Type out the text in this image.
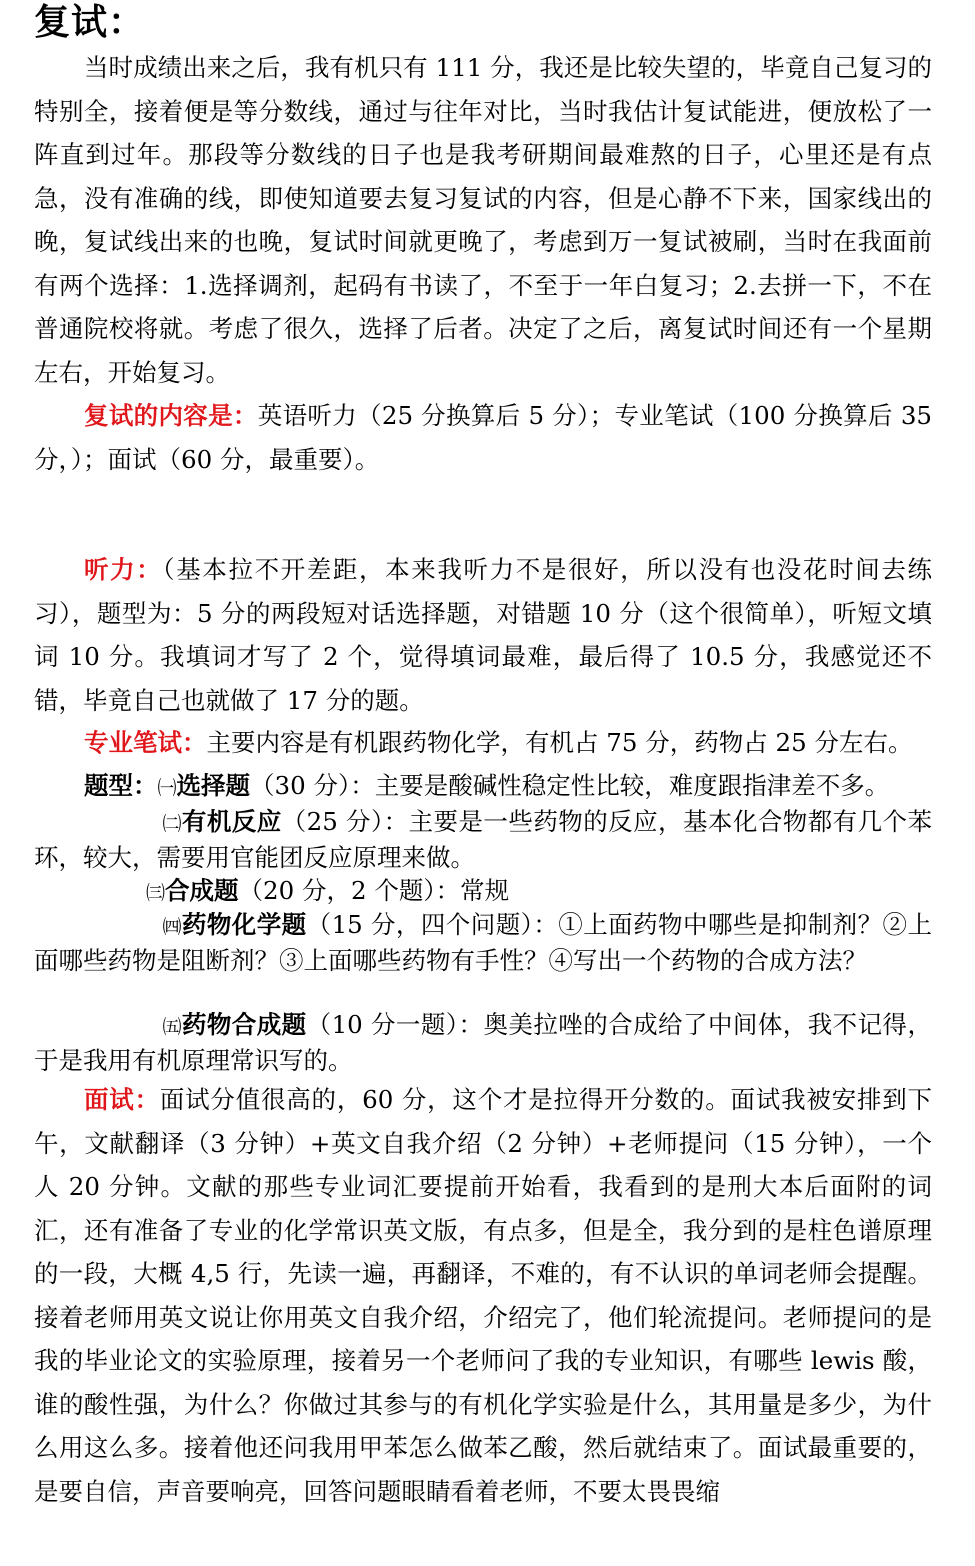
复试：

当时成绩出来之后，我有机只有 111 分，我还是比较失望的，毕竟自己复习的特别全，接着便是等分数线，通过与往年对比，当时我估计复试能进，便放松了一阵直到过年。那段等分数线的日子也是我考研期间最难熬的日子，心里还是有点急，没有准确的线，即使知道要去复习复试的内容，但是心静不下来，国家线出的晚，复试线出来的也晚，复试时间就更晚了，考虑到万一复试被刷，当时在我面前有两个选择：1.选择调剂，起码有书读了，不至于一年白复习；2.去拼一下，不在普通院校将就。考虑了很久，选择了后者。决定了之后，离复试时间还有一个星期左右，开始复习。

复试的内容是：英语听力（25 分换算后 5 分）；专业笔试（100 分换算后 35 分，）；面试（60 分，最重要）。

听力：（基本拉不开差距，本来我听力不是很好，所以没有也没花时间去练习），题型为：5 分的两段短对话选择题，对错题 10 分（这个很简单），听短文填词 10 分。我填词才写了 2 个，觉得填词最难，最后得了 10.5 分，我感觉还不错，毕竟自己也就做了 17 分的题。

专业笔试：主要内容是有机跟药物化学，有机占 75 分，药物占 25 分左右。

题型：㈠选择题（30 分）：主要是酸碱性稳定性比较，难度跟指津差不多。

㈡有机反应（25 分）：主要是一些药物的反应，基本化合物都有几个苯环，较大，需要用官能团反应原理来做。

㈢合成题（20 分，2 个题）：常规

㈣药物化学题（15 分，四个问题）：①上面药物中哪些是抑制剂？②上面哪些药物是阻断剂？③上面哪些药物有手性？④写出一个药物的合成方法？

㈤药物合成题（10 分一题）：奥美拉唑的合成给了中间体，我不记得，于是我用有机原理常识写的。

面试：面试分值很高的，60 分，这个才是拉得开分数的。面试我被安排到下午，文献翻译（3 分钟）+英文自我介绍（2 分钟）+老师提问（15 分钟），一个人 20 分钟。文献的那些专业词汇要提前开始看，我看到的是刑大本后面附的词汇，还有准备了专业的化学常识英文版，有点多，但是全，我分到的是柱色谱原理的一段，大概 4,5 行，先读一遍，再翻译，不难的，有不认识的单词老师会提醒。接着老师用英文说让你用英文自我介绍，介绍完了，他们轮流提问。老师提问的是我的毕业论文的实验原理，接着另一个老师问了我的专业知识，有哪些 lewis 酸，谁的酸性强，为什么？你做过其参与的有机化学实验是什么，其用量是多少，为什么用这么多。接着他还问我用甲苯怎么做苯乙酸，然后就结束了。面试最重要的，是要自信，声音要响亮，回答问题眼睛看着老师，不要太畏畏缩
